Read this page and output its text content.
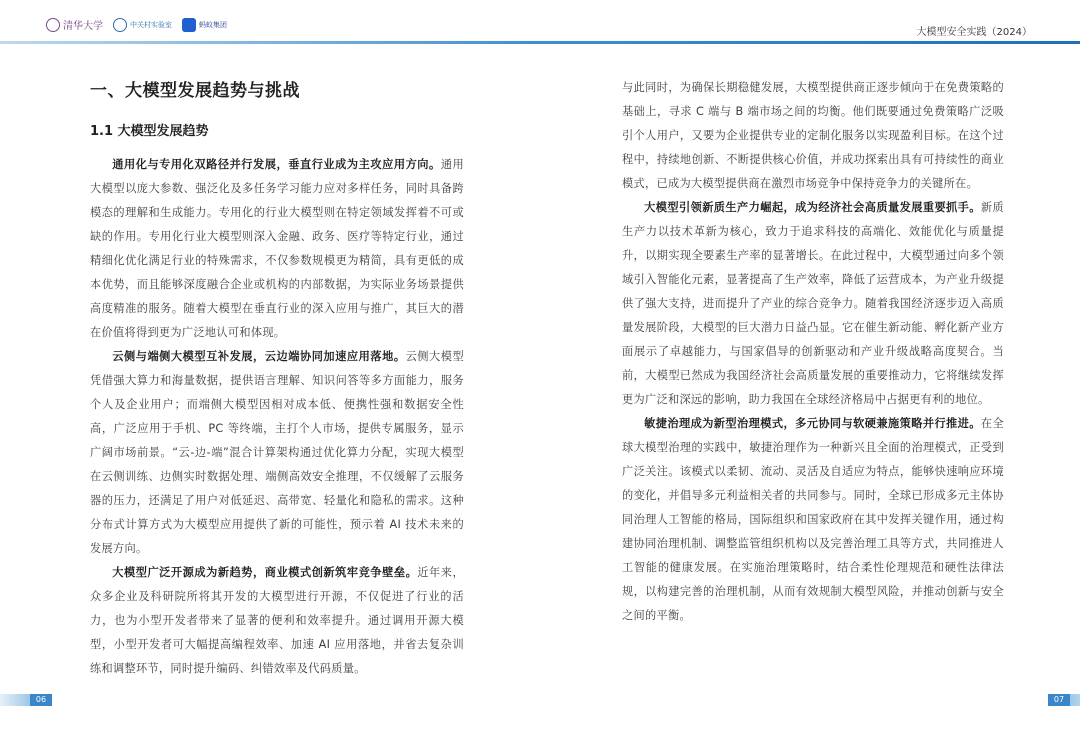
清华大学	中关村实验室	蚂蚁集团
大模型安全实践（2024）
一、大模型发展趋势与挑战
1.1 大模型发展趋势

通用化与专用化双路径并行发展，垂直行业成为主攻应用方向。通用大模型以庞大参数、强泛化及多任务学习能力应对多样任务，同时具备跨模态的理解和生成能力。专用化的行业大模型则在特定领域发挥着不可或缺的作用。专用化行业大模型则深入金融、政务、医疗等特定行业，通过精细化优化满足行业的特殊需求，不仅参数规模更为精简，具有更低的成本优势，而且能够深度融合企业或机构的内部数据，为实际业务场景提供高度精准的服务。随着大模型在垂直行业的深入应用与推广，其巨大的潜在价值将得到更为广泛地认可和体现。

云侧与端侧大模型互补发展，云边端协同加速应用落地。云侧大模型凭借强大算力和海量数据，提供语言理解、知识问答等多方面能力，服务个人及企业用户；而端侧大模型因相对成本低、便携性强和数据安全性高，广泛应用于手机、PC 等终端，主打个人市场，提供专属服务，显示广阔市场前景。“云-边-端”混合计算架构通过优化算力分配，实现大模型在云侧训练、边侧实时数据处理、端侧高效安全推理，不仅缓解了云服务器的压力，还满足了用户对低延迟、高带宽、轻量化和隐私的需求。这种分布式计算方式为大模型应用提供了新的可能性，预示着 AI 技术未来的发展方向。

大模型广泛开源成为新趋势，商业模式创新筑牢竞争壁垒。近年来，众多企业及科研院所将其开发的大模型进行开源，不仅促进了行业的活力，也为小型开发者带来了显著的便利和效率提升。通过调用开源大模型，小型开发者可大幅提高编程效率、加速 AI 应用落地，并省去复杂训练和调整环节，同时提升编码、纠错效率及代码质量。

与此同时，为确保长期稳健发展，大模型提供商正逐步倾向于在免费策略的基础上，寻求 C 端与 B 端市场之间的均衡。他们既要通过免费策略广泛吸引个人用户，又要为企业提供专业的定制化服务以实现盈利目标。在这个过程中，持续地创新、不断提供核心价值，并成功探索出具有可持续性的商业模式，已成为大模型提供商在激烈市场竞争中保持竞争力的关键所在。

大模型引领新质生产力崛起，成为经济社会高质量发展重要抓手。新质生产力以技术革新为核心，致力于追求科技的高端化、效能优化与质量提升，以期实现全要素生产率的显著增长。在此过程中，大模型通过向多个领域引入智能化元素，显著提高了生产效率，降低了运营成本，为产业升级提供了强大支持，进而提升了产业的综合竞争力。随着我国经济逐步迈入高质量发展阶段，大模型的巨大潜力日益凸显。它在催生新动能、孵化新产业方面展示了卓越能力，与国家倡导的创新驱动和产业升级战略高度契合。当前，大模型已然成为我国经济社会高质量发展的重要推动力，它将继续发挥更为广泛和深远的影响，助力我国在全球经济格局中占据更有利的地位。

敏捷治理成为新型治理模式，多元协同与软硬兼施策略并行推进。在全球大模型治理的实践中，敏捷治理作为一种新兴且全面的治理模式，正受到广泛关注。该模式以柔韧、流动、灵活及自适应为特点，能够快速响应环境的变化，并倡导多元利益相关者的共同参与。同时，全球已形成多元主体协同治理人工智能的格局，国际组织和国家政府在其中发挥关键作用，通过构建协同治理机制、调整监管组织机构以及完善治理工具等方式，共同推进人工智能的健康发展。在实施治理策略时，结合柔性伦理规范和硬性法律法规，以构建完善的治理机制，从而有效规制大模型风险，并推动创新与安全之间的平衡。

06	07
